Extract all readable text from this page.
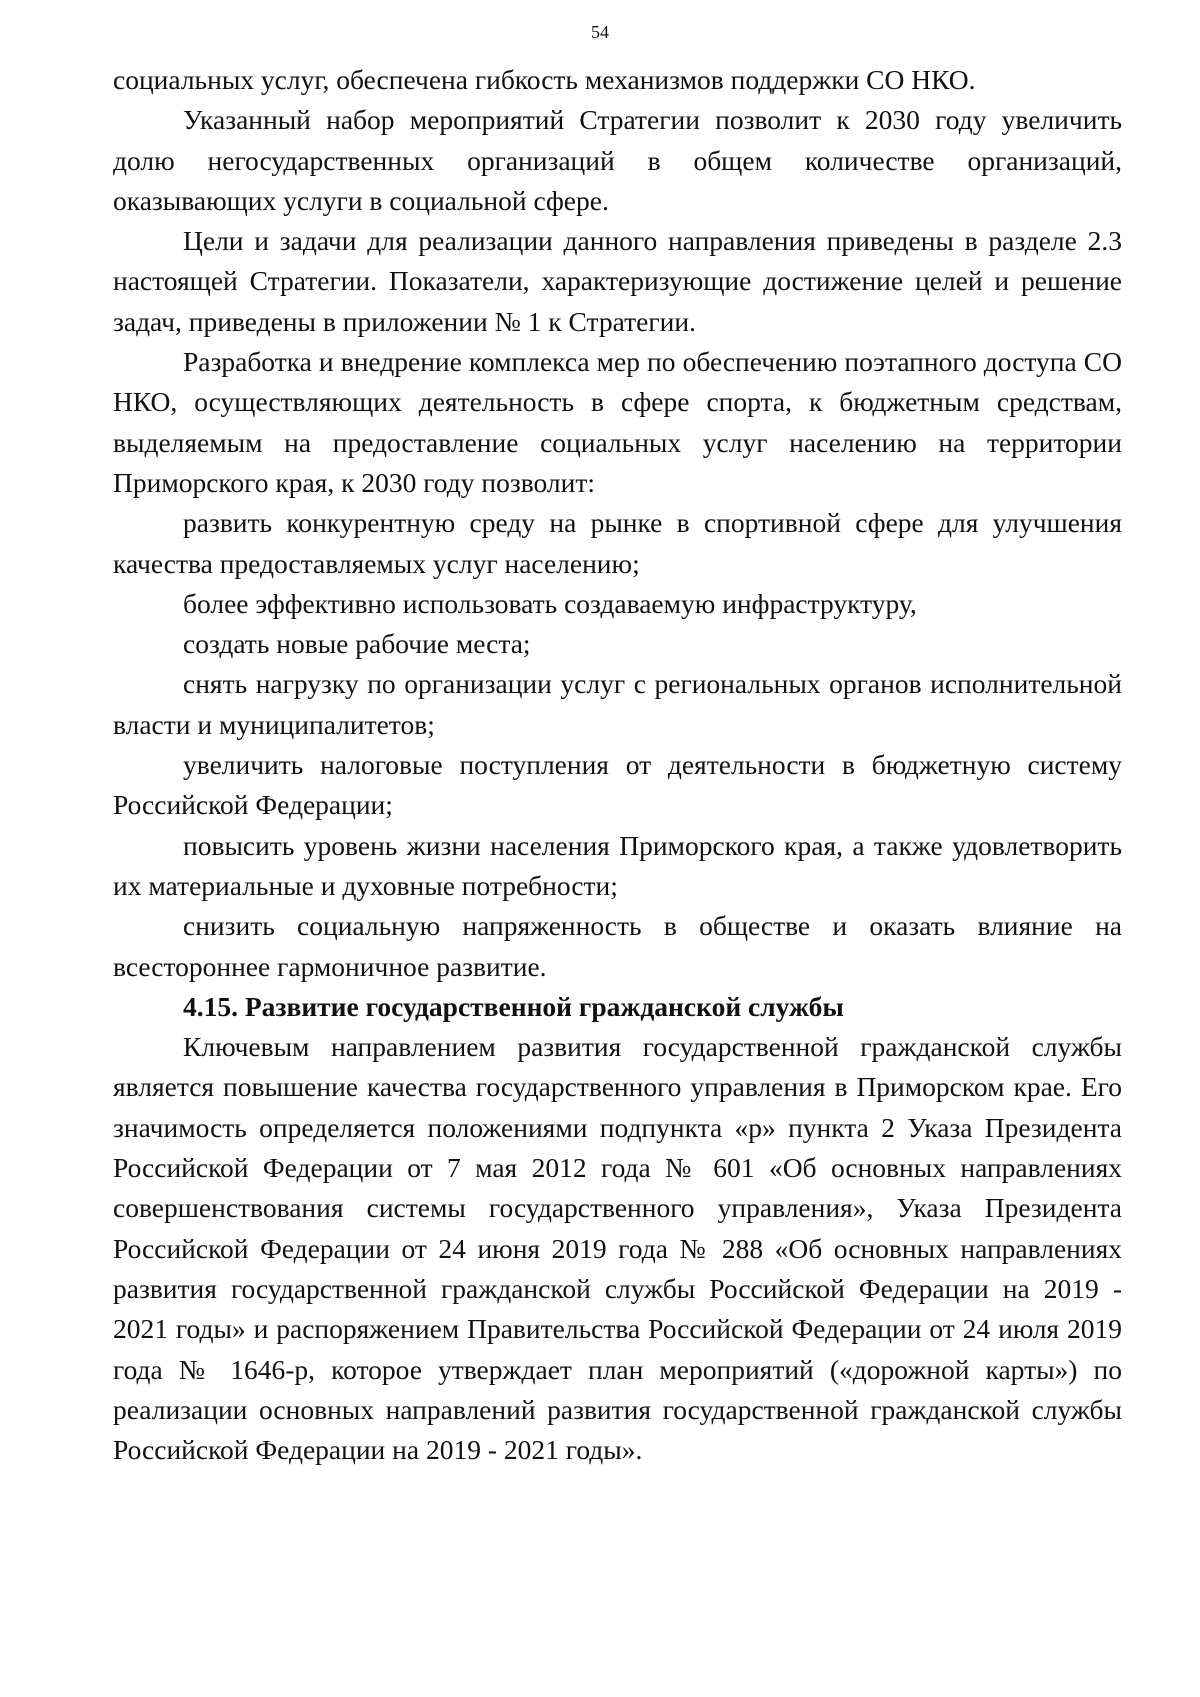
54

социальных услуг, обеспечена гибкость механизмов поддержки СО НКО.

Указанный набор мероприятий Стратегии позволит к 2030 году увеличить долю негосударственных организаций в общем количестве организаций, оказывающих услуги в социальной сфере.

Цели и задачи для реализации данного направления приведены в разделе 2.3 настоящей Стратегии. Показатели, характеризующие достижение целей и решение задач, приведены в приложении № 1 к Стратегии.

Разработка и внедрение комплекса мер по обеспечению поэтапного доступа СО НКО, осуществляющих деятельность в сфере спорта, к бюджетным средствам, выделяемым на предоставление социальных услуг населению на территории Приморского края, к 2030 году позволит:

развить конкурентную среду на рынке в спортивной сфере для улучшения качества предоставляемых услуг населению;

более эффективно использовать создаваемую инфраструктуру,

создать новые рабочие места;

снять нагрузку по организации услуг с региональных органов исполнительной власти и муниципалитетов;

увеличить налоговые поступления от деятельности в бюджетную систему Российской Федерации;

повысить уровень жизни населения Приморского края, а также удовлетворить их материальные и духовные потребности;

снизить социальную напряженность в обществе и оказать влияние на всестороннее гармоничное развитие.

4.15. Развитие государственной гражданской службы

Ключевым направлением развития государственной гражданской службы является повышение качества государственного управления в Приморском крае. Его значимость определяется положениями подпункта «р» пункта 2 Указа Президента Российской Федерации от 7 мая 2012 года № 601 «Об основных направлениях совершенствования системы государственного управления», Указа Президента Российской Федерации от 24 июня 2019 года № 288 «Об основных направлениях развития государственной гражданской службы Российской Федерации на 2019 - 2021 годы» и распоряжением Правительства Российской Федерации от 24 июля 2019 года № 1646-р, которое утверждает план мероприятий («дорожной карты») по реализации основных направлений развития государственной гражданской службы Российской Федерации на 2019 - 2021 годы».
